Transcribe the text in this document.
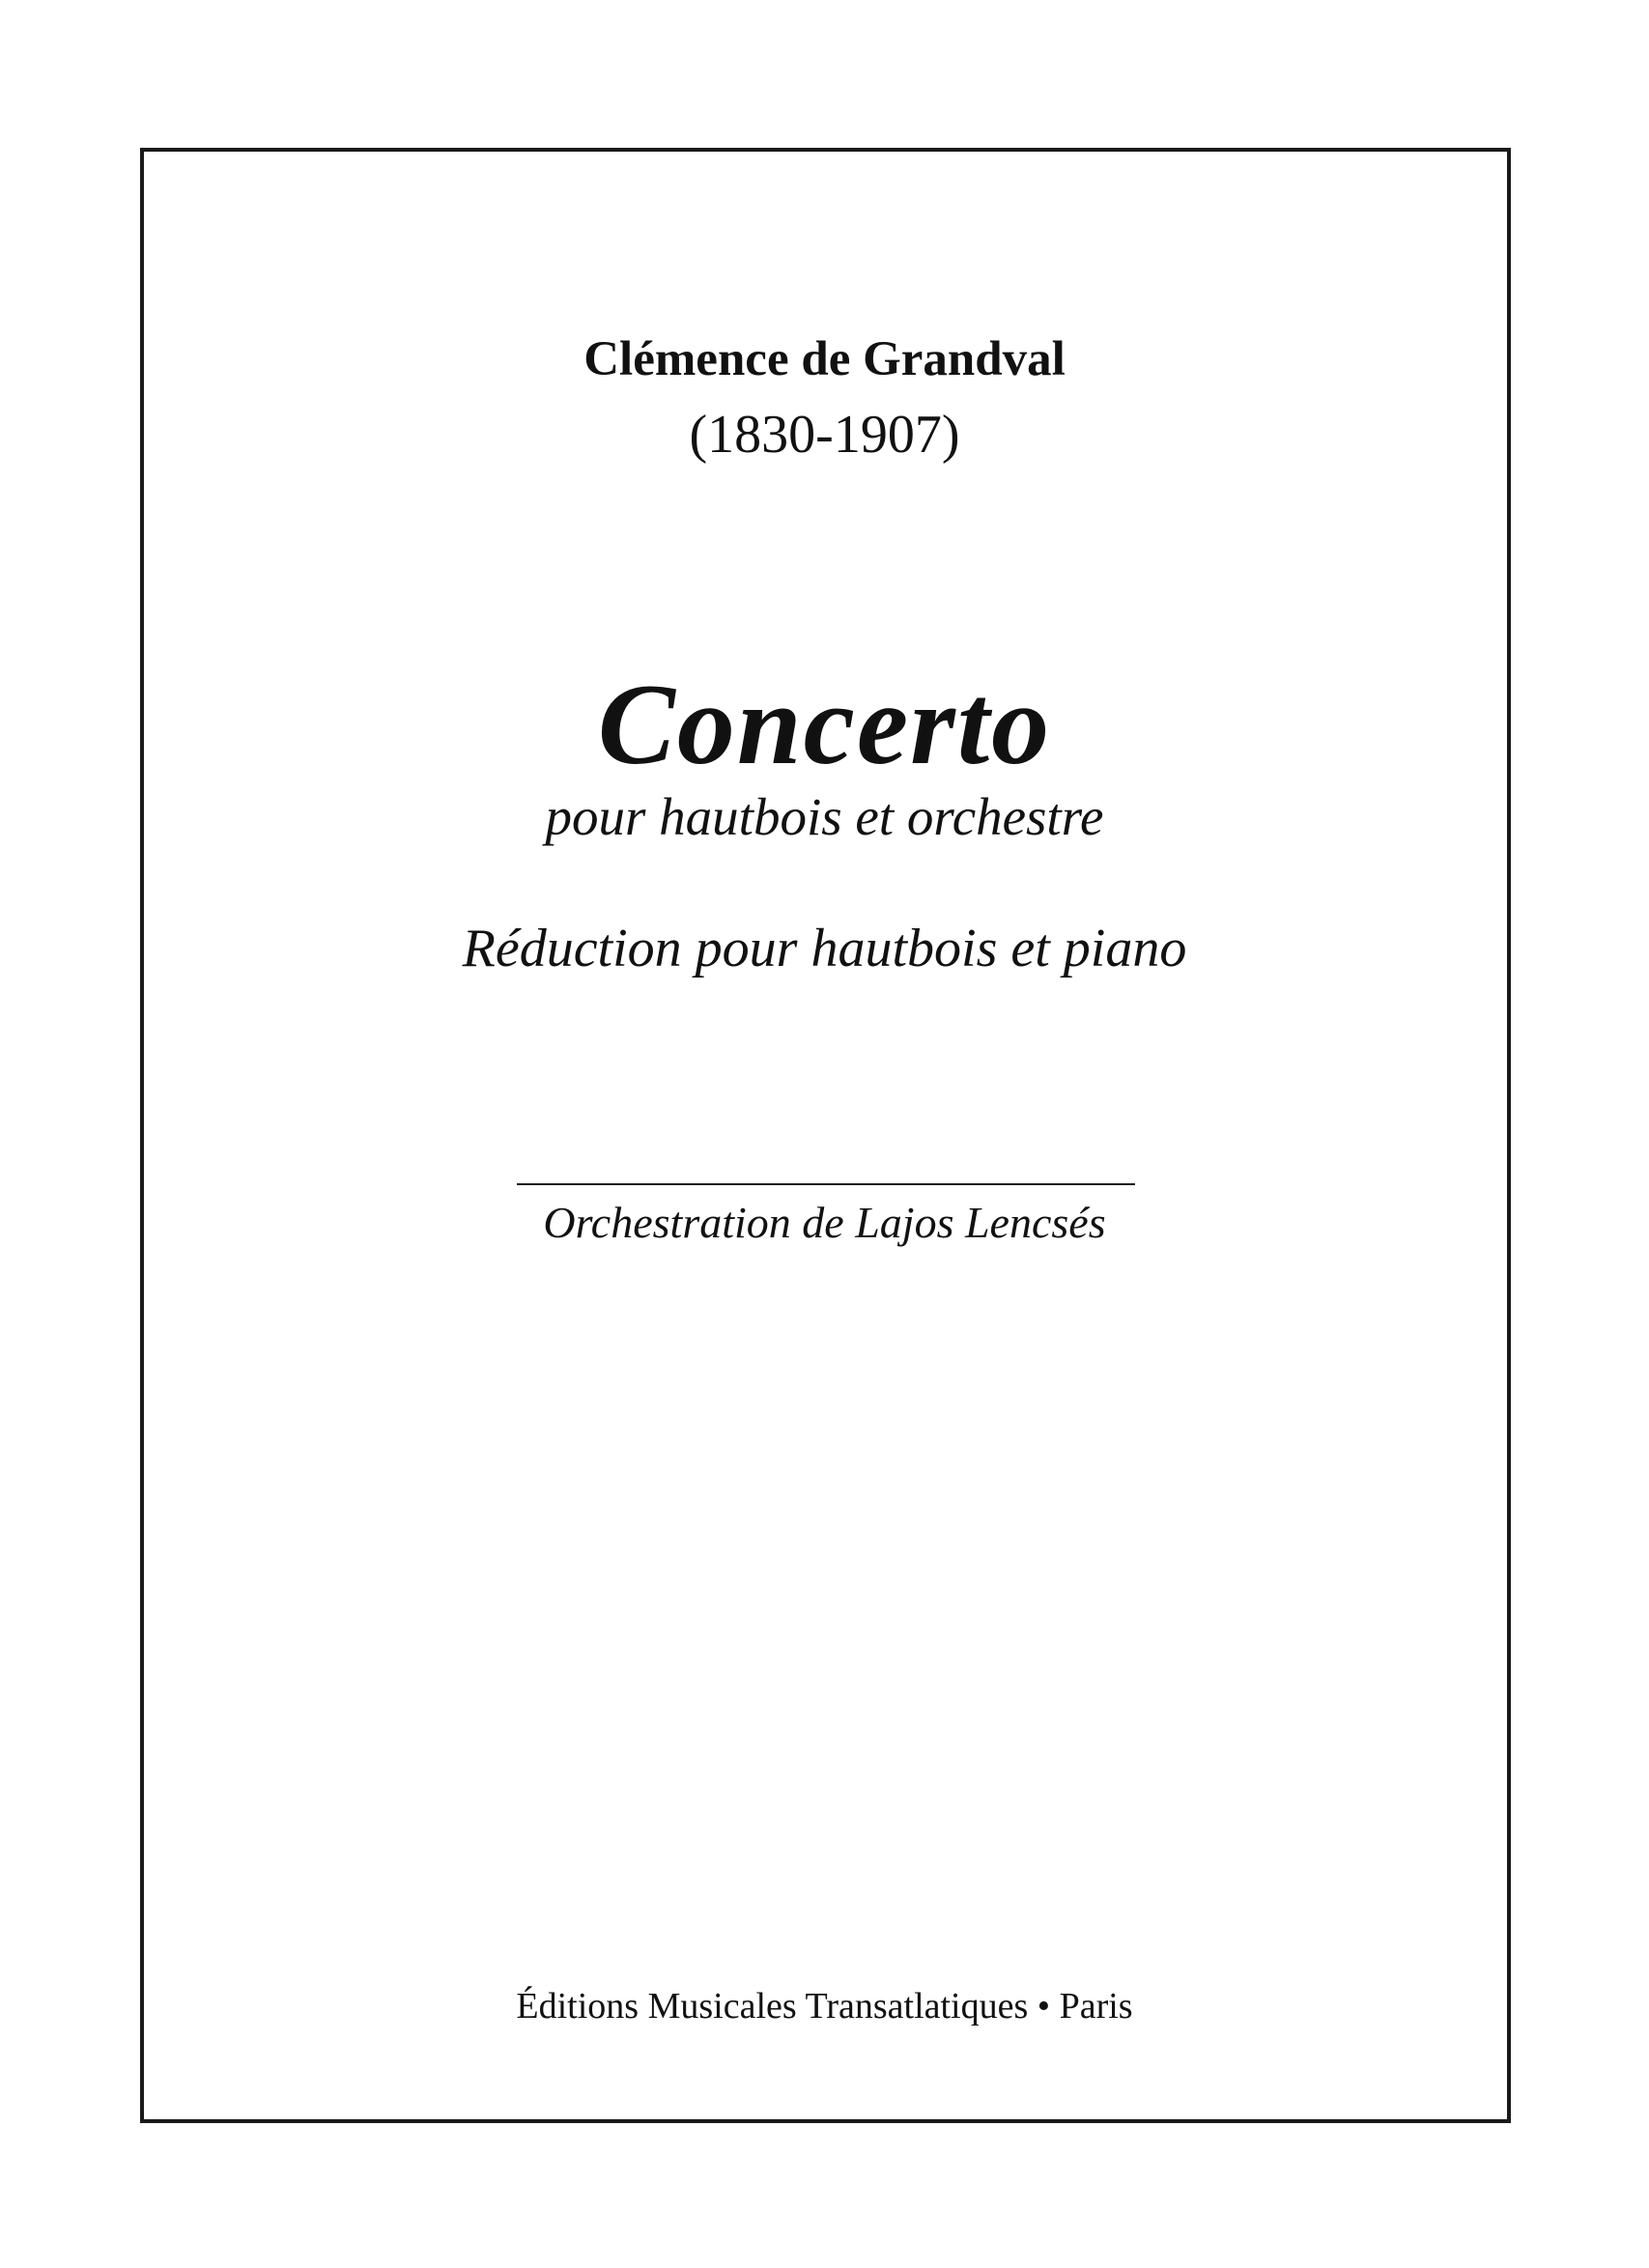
Clémence de Grandval
(1830-1907)
Concerto
pour hautbois et orchestre
Réduction pour hautbois et piano
Orchestration de Lajos Lencsés
Éditions Musicales Transatlatiques • Paris
